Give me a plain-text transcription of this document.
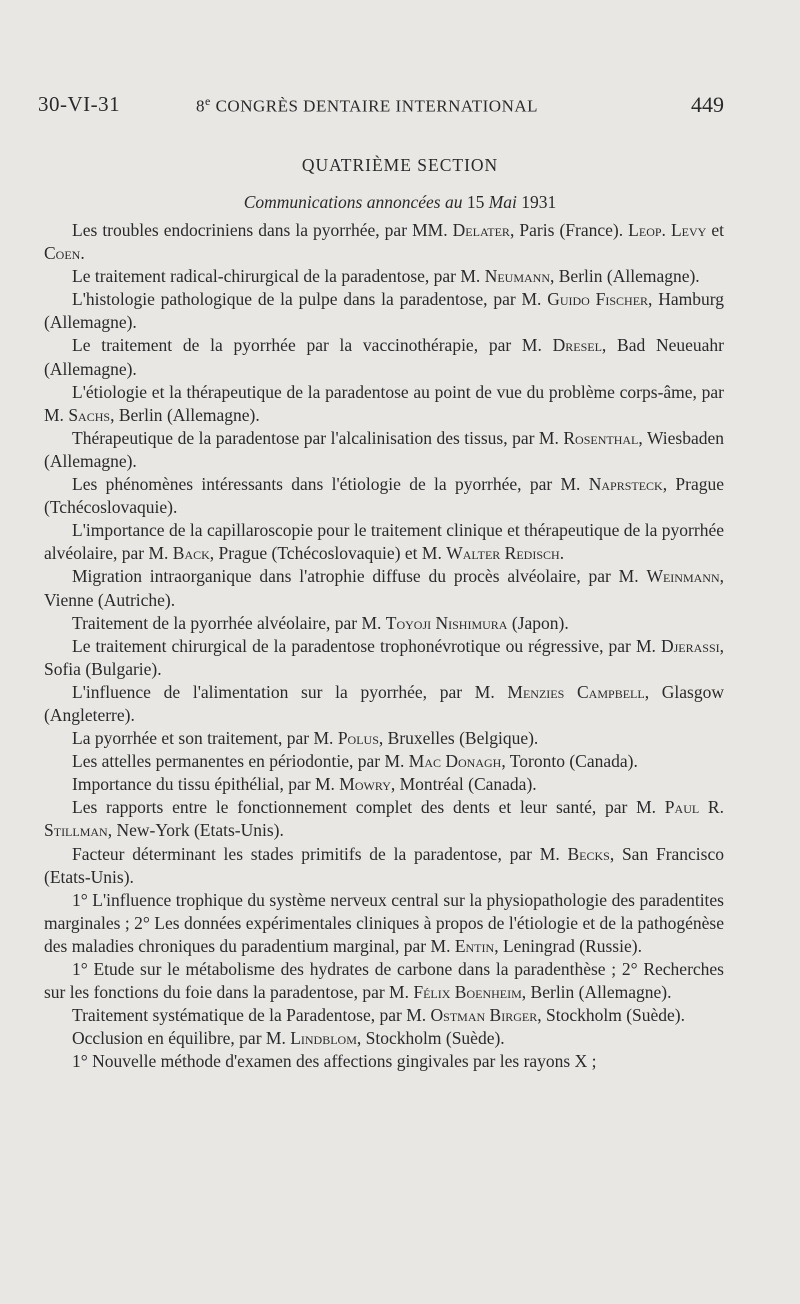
30-VI-31	8e CONGRÈS DENTAIRE INTERNATIONAL	449
QUATRIÈME SECTION
Communications annoncées au 15 Mai 1931

Les troubles endocriniens dans la pyorrhée, par MM. Delater, Paris (France). Leop. Levy et Coen.

Le traitement radical-chirurgical de la paradentose, par M. Neumann, Berlin (Allemagne).

L'histologie pathologique de la pulpe dans la paradentose, par M. Guido Fischer, Hamburg (Allemagne).

Le traitement de la pyorrhée par la vaccinothérapie, par M. Dresel, Bad Neueuahr (Allemagne).

L'étiologie et la thérapeutique de la paradentose au point de vue du problème corps-âme, par M. Sachs, Berlin (Allemagne).

Thérapeutique de la paradentose par l'alcalinisation des tissus, par M. Rosenthal, Wiesbaden (Allemagne).

Les phénomènes intéressants dans l'étiologie de la pyorrhée, par M. Naprsteck, Prague (Tchécoslovaquie).

L'importance de la capillaroscopie pour le traitement clinique et thérapeutique de la pyorrhée alvéolaire, par M. Back, Prague (Tchécoslovaquie) et M. Walter Redisch.

Migration intraorganique dans l'atrophie diffuse du procès alvéolaire, par M. Weinmann, Vienne (Autriche).

Traitement de la pyorrhée alvéolaire, par M. Toyoji Nishimura (Japon).

Le traitement chirurgical de la paradentose trophonévrotique ou régressive, par M. Djerassi, Sofia (Bulgarie).

L'influence de l'alimentation sur la pyorrhée, par M. Menzies Campbell, Glasgow (Angleterre).

La pyorrhée et son traitement, par M. Polus, Bruxelles (Belgique).

Les attelles permanentes en périodontie, par M. Mac Donagh, Toronto (Canada).

Importance du tissu épithélial, par M. Mowry, Montréal (Canada).

Les rapports entre le fonctionnement complet des dents et leur santé, par M. Paul R. Stillman, New-York (Etats-Unis).

Facteur déterminant les stades primitifs de la paradentose, par M. Becks, San Francisco (Etats-Unis).

1° L'influence trophique du système nerveux central sur la physiopathologie des paradentites marginales ; 2° Les données expérimentales cliniques à propos de l'étiologie et de la pathogénèse des maladies chroniques du paradentium marginal, par M. Entin, Leningrad (Russie).

1° Etude sur le métabolisme des hydrates de carbone dans la paradenthèse ; 2° Recherches sur les fonctions du foie dans la paradentose, par M. Félix Boenheim, Berlin (Allemagne).

Traitement systématique de la Paradentose, par M. Ostman Birger, Stockholm (Suède).

Occlusion en équilibre, par M. Lindblom, Stockholm (Suède).

1° Nouvelle méthode d'examen des affections gingivales par les rayons X ;
